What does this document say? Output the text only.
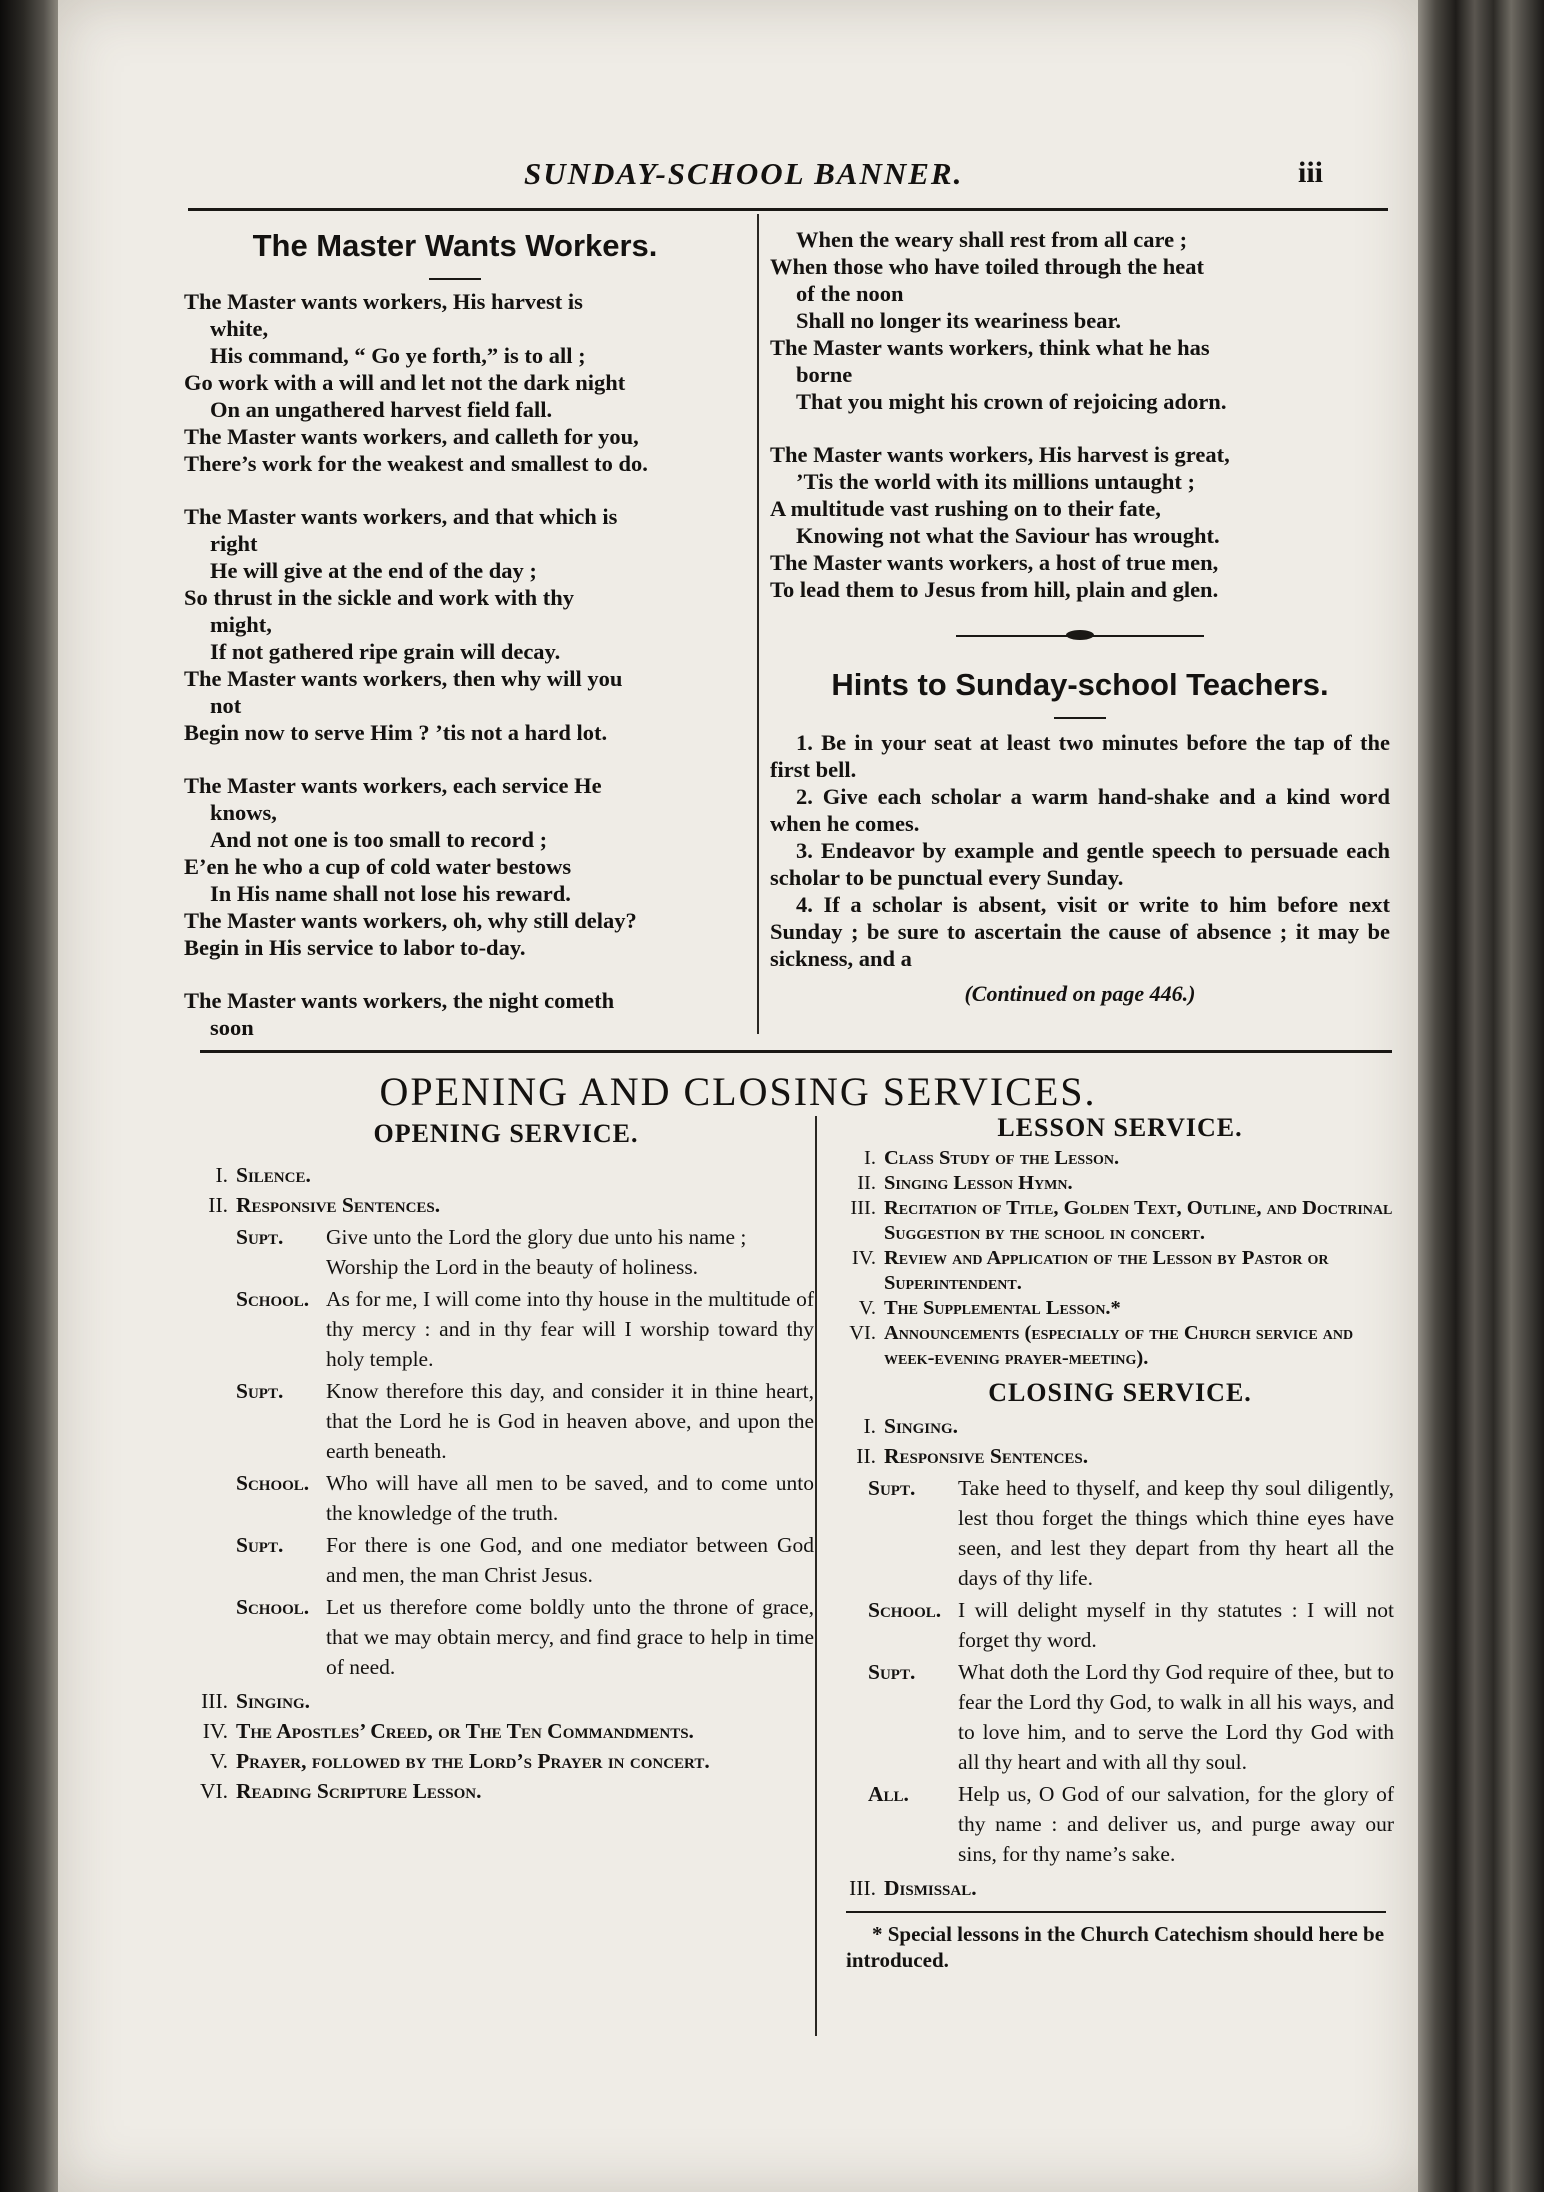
SUNDAY-SCHOOL BANNER.	iii

The Master Wants Workers.

The Master wants workers, His harvest is

white,

His command, “ Go ye forth,” is to all ;

Go work with a will and let not the dark night

On an ungathered harvest field fall.

The Master wants workers, and calleth for you,

There’s work for the weakest and smallest to do.

The Master wants workers, and that which is

right

He will give at the end of the day ;

So thrust in the sickle and work with thy

might,

If not gathered ripe grain will decay.

The Master wants workers, then why will you

not

Begin now to serve Him ? ’tis not a hard lot.

The Master wants workers, each service He

knows,

And not one is too small to record ;

E’en he who a cup of cold water bestows

In His name shall not lose his reward.

The Master wants workers, oh, why still delay?

Begin in His service to labor to-day.

The Master wants workers, the night cometh

soon

When the weary shall rest from all care ;

When those who have toiled through the heat

of the noon

Shall no longer its weariness bear.

The Master wants workers, think what he has

borne

That you might his crown of rejoicing adorn.

The Master wants workers, His harvest is great,

’Tis the world with its millions untaught ;

A multitude vast rushing on to their fate,

Knowing not what the Saviour has wrought.

The Master wants workers, a host of true men,

To lead them to Jesus from hill, plain and glen.

Hints to Sunday-school Teachers.

1. Be in your seat at least two minutes before the tap of the first bell.

2. Give each scholar a warm hand-shake and a kind word when he comes.

3. Endeavor by example and gentle speech to persuade each scholar to be punctual every Sunday.

4. If a scholar is absent, visit or write to him before next Sunday ; be sure to ascertain the cause of absence ; it may be sickness, and a

(Continued on page 446.)

OPENING AND CLOSING SERVICES.

OPENING SERVICE.

I. Silence.
II. Responsive Sentences.
Supt.	Give unto the Lord the glory due unto his name ;
Worship the Lord in the beauty of holiness.
School. As for me, I will come into thy house in the multitude of thy mercy : and in thy fear will I worship toward thy holy temple.
Supt.	Know therefore this day, and consider it in thine heart, that the Lord he is God in heaven above, and upon the earth beneath.
School. Who will have all men to be saved, and to come unto the knowledge of the truth.
Supt.	For there is one God, and one mediator between God and men, the man Christ Jesus.
School. Let us therefore come boldly unto the throne of grace, that we may obtain mercy, and find grace to help in time of need.
III. Singing.
IV. The Apostles’ Creed, or The Ten Commandments.
V. Prayer, followed by the Lord’s Prayer in concert.
VI. Reading Scripture Lesson.

LESSON SERVICE.

I. Class Study of the Lesson.
II. Singing Lesson Hymn.
III. Recitation of Title, Golden Text, Outline, and Doctrinal Suggestion by the school in concert.
IV. Review and Application of the Lesson by Pastor or Superintendent.
V. The Supplemental Lesson.*
VI. Announcements (especially of the Church service and week-evening prayer-meeting).

CLOSING SERVICE.

I. Singing.
II. Responsive Sentences.
Supt.	Take heed to thyself, and keep thy soul diligently, lest thou forget the things which thine eyes have seen, and lest they depart from thy heart all the days of thy life.
School. I will delight myself in thy statutes : I will not forget thy word.
Supt.	What doth the Lord thy God require of thee, but to fear the Lord thy God, to walk in all his ways, and to love him, and to serve the Lord thy God with all thy heart and with all thy soul.
All.	Help us, O God of our salvation, for the glory of thy name : and deliver us, and purge away our sins, for thy name’s sake.
III. Dismissal.

* Special lessons in the Church Catechism should here be introduced.
